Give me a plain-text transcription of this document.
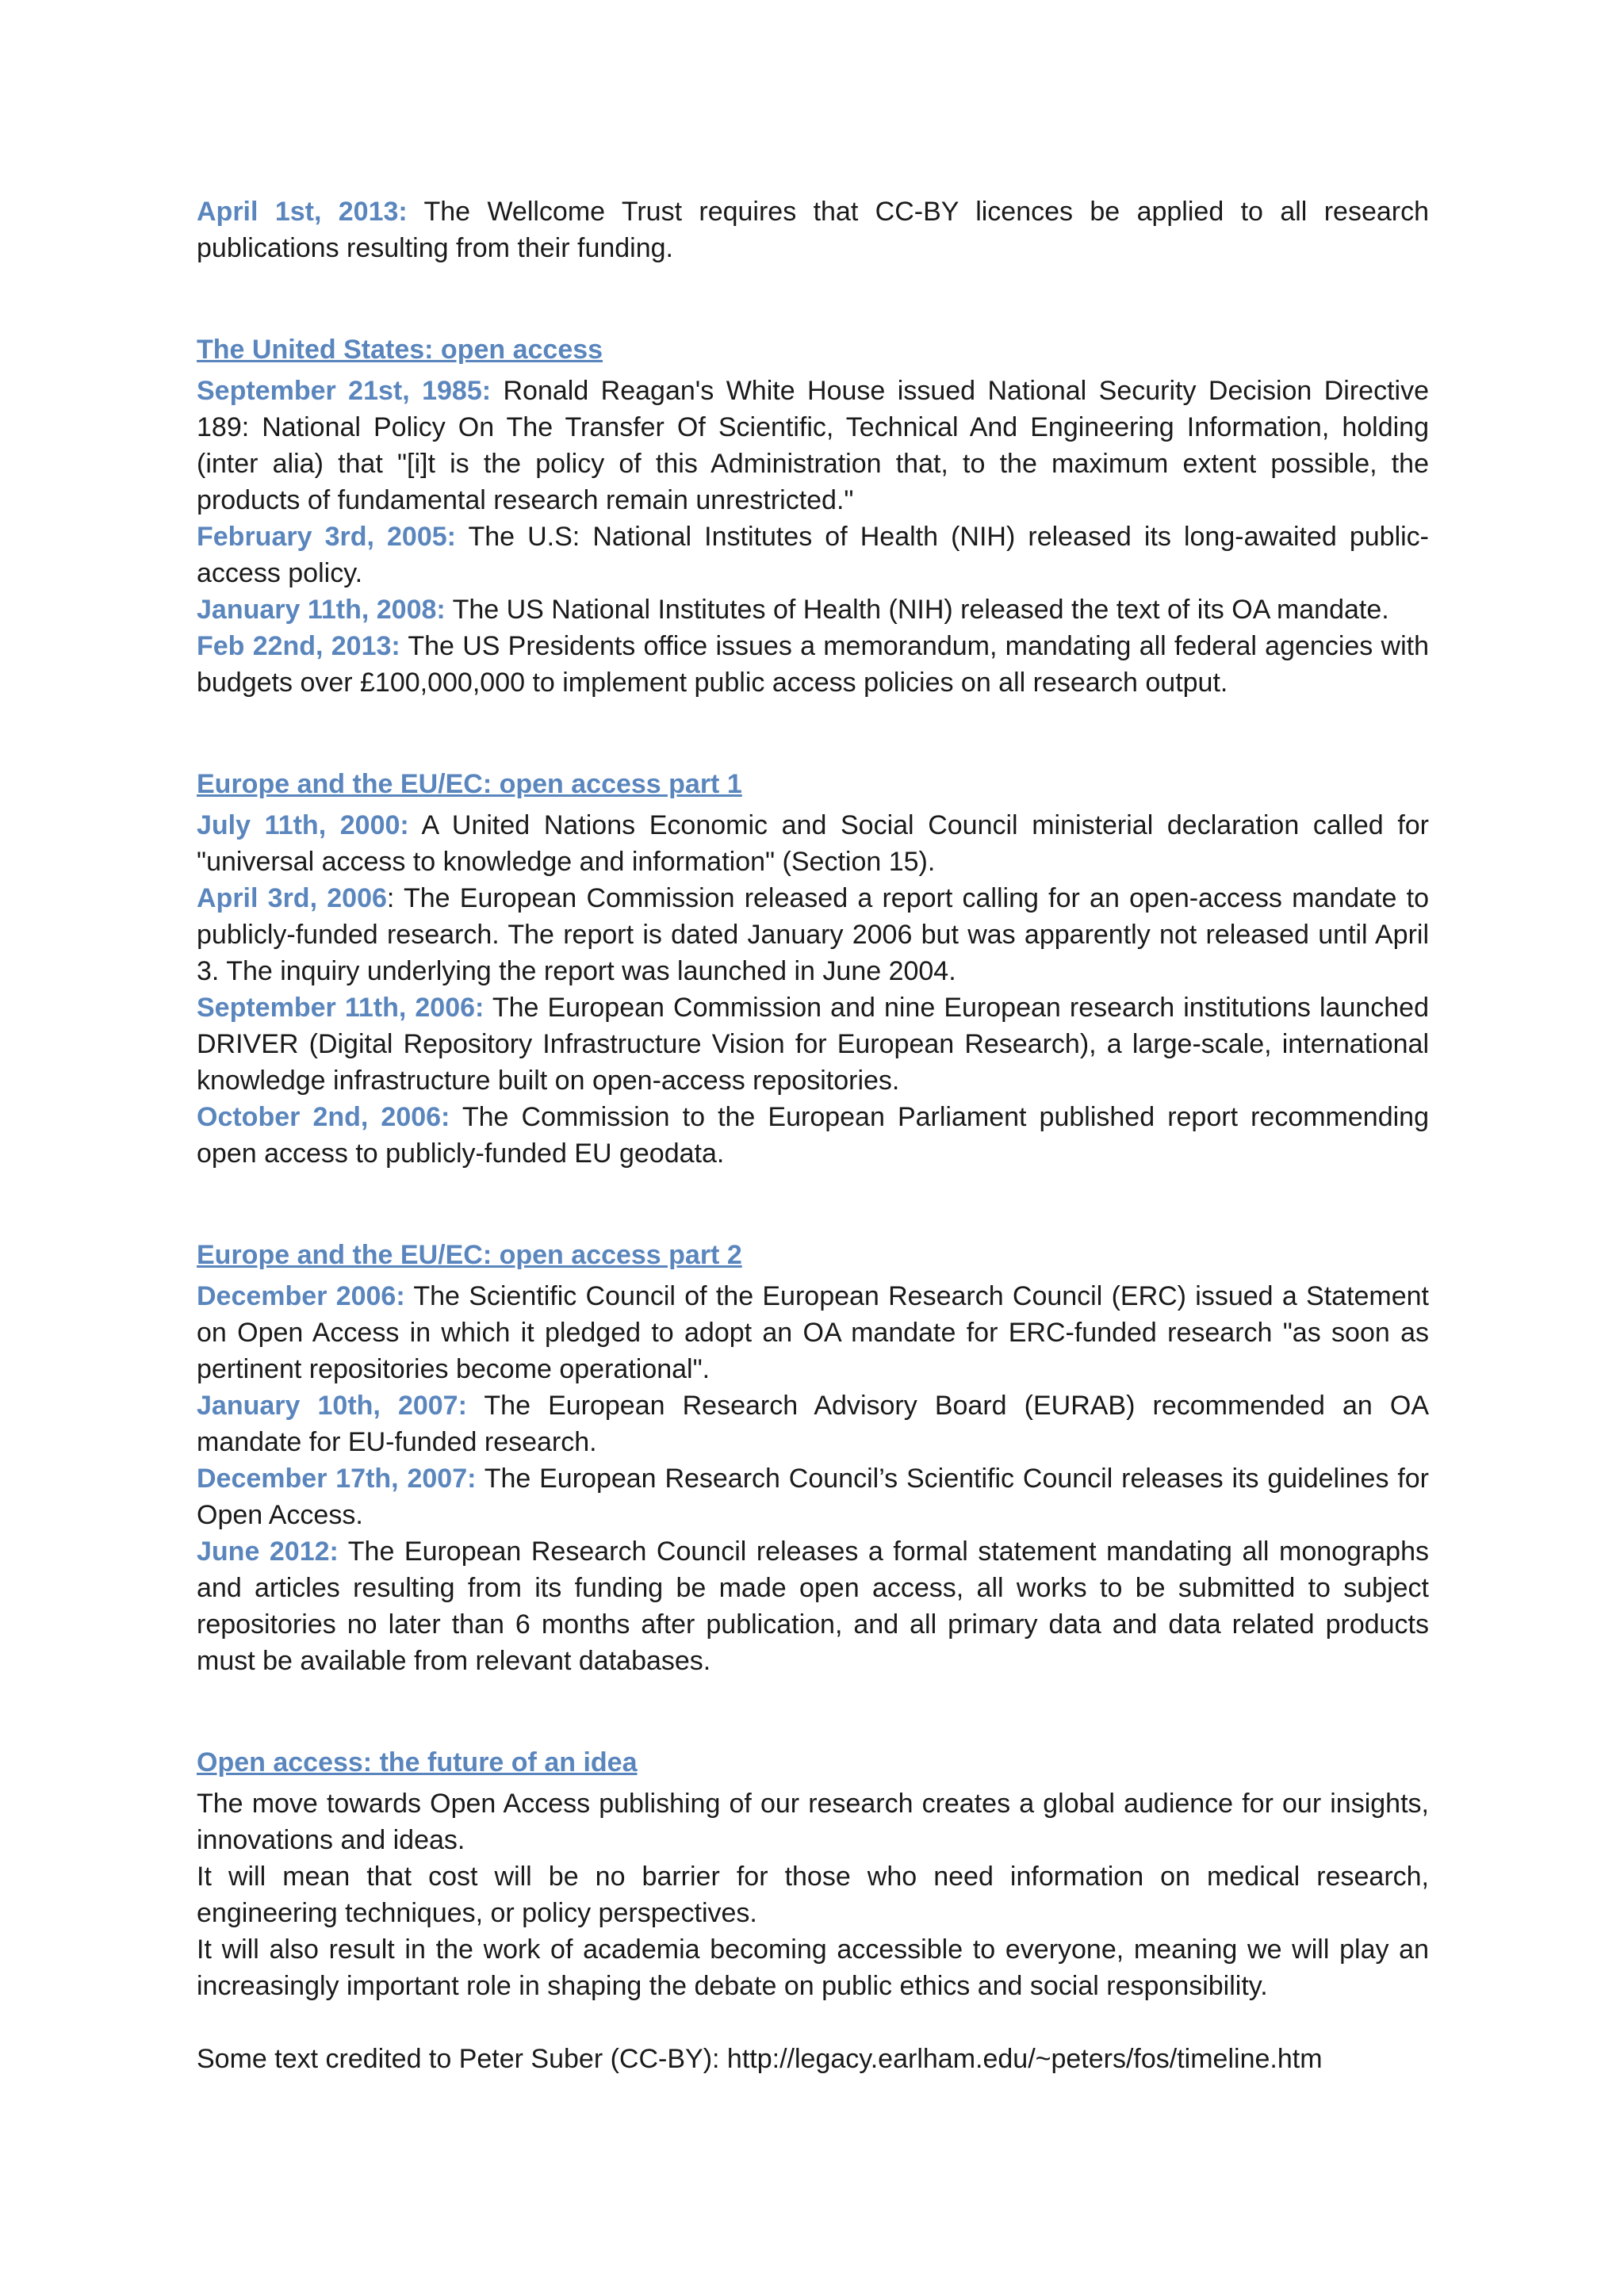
April 1st, 2013: The Wellcome Trust requires that CC-BY licences be applied to all research publications resulting from their funding.

The United States: open access

September 21st, 1985: Ronald Reagan's White House issued National Security Decision Directive 189: National Policy On The Transfer Of Scientific, Technical And Engineering Information, holding (inter alia) that "[i]t is the policy of this Administration that, to the maximum extent possible, the products of fundamental research remain unrestricted."

February 3rd, 2005: The U.S: National Institutes of Health (NIH) released its long-awaited public-access policy.

January 11th, 2008: The US National Institutes of Health (NIH) released the text of its OA mandate.

Feb 22nd, 2013: The US Presidents office issues a memorandum, mandating all federal agencies with budgets over £100,000,000 to implement public access policies on all research output.

Europe and the EU/EC: open access part 1

July 11th, 2000: A United Nations Economic and Social Council ministerial declaration called for "universal access to knowledge and information" (Section 15).

April 3rd, 2006: The European Commission released a report calling for an open-access mandate to publicly-funded research. The report is dated January 2006 but was apparently not released until April 3. The inquiry underlying the report was launched in June 2004.

September 11th, 2006: The European Commission and nine European research institutions launched DRIVER (Digital Repository Infrastructure Vision for European Research), a large-scale, international knowledge infrastructure built on open-access repositories.

October 2nd, 2006: The Commission to the European Parliament published report recommending open access to publicly-funded EU geodata.

Europe and the EU/EC: open access part 2

December 2006: The Scientific Council of the European Research Council (ERC) issued a Statement on Open Access in which it pledged to adopt an OA mandate for ERC-funded research "as soon as pertinent repositories become operational".

January 10th, 2007: The European Research Advisory Board (EURAB) recommended an OA mandate for EU-funded research.

December 17th, 2007: The European Research Council’s Scientific Council releases its guidelines for Open Access.

June 2012: The European Research Council releases a formal statement mandating all monographs and articles resulting from its funding be made open access, all works to be submitted to subject repositories no later than 6 months after publication, and all primary data and data related products must be available from relevant databases.

Open access: the future of an idea

The move towards Open Access publishing of our research creates a global audience for our insights, innovations and ideas.

It will mean that cost will be no barrier for those who need information on medical research, engineering techniques, or policy perspectives.

It will also result in the work of academia becoming accessible to everyone, meaning we will play an increasingly important role in shaping the debate on public ethics and social responsibility.

Some text credited to Peter Suber (CC-BY): http://legacy.earlham.edu/~peters/fos/timeline.htm
